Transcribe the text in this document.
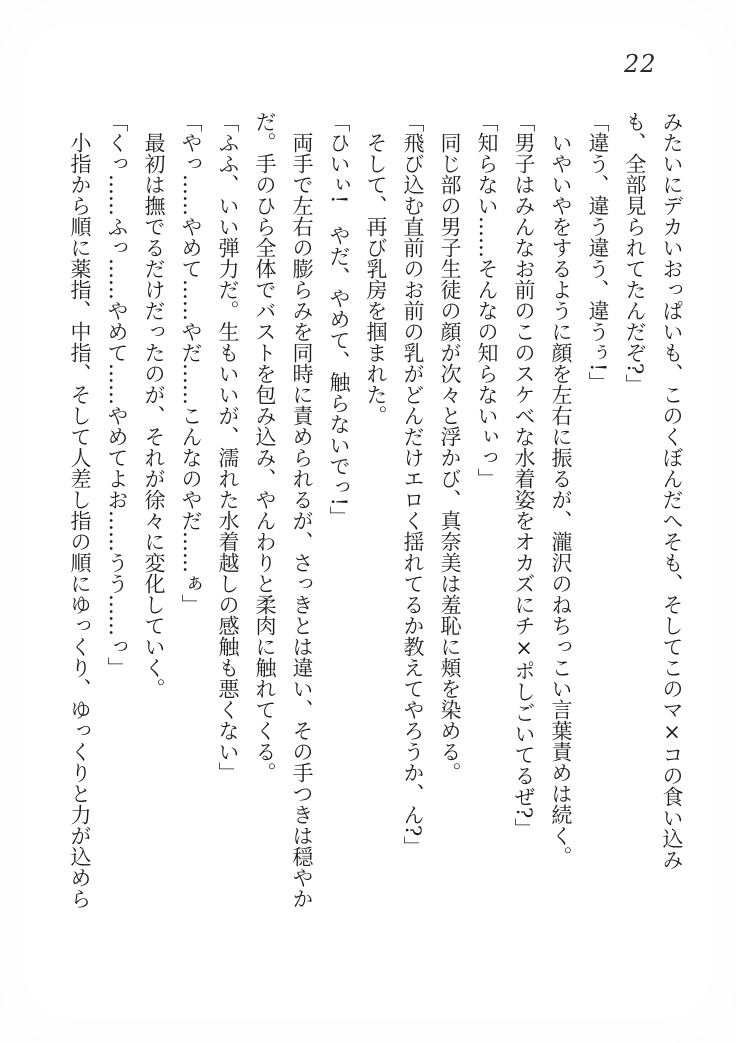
22

みたいにデカいおっぱいも、このくぼんだへそも、そしてこのマ×コの食い込みも、全部見られてたんだぞ?」

「違う、違う違う、違うぅ!」

いやいやをするように顔を左右に振るが、瀧沢のねちっこい言葉責めは続く。

「男子はみんなお前のこのスケベな水着姿をオカズにチ×ポしごいてるぜ?」

「知らない……そんなの知らないぃっ」

同じ部の男子生徒の顔が次々と浮かび、真奈美は羞恥に頬を染める。

「飛び込む直前のお前の乳がどんだけエロく揺れてるか教えてやろうか、ん?」

そして、再び乳房を掴まれた。

「ひいぃ!　やだ、やめて、触らないでっ!」

両手で左右の膨らみを同時に責められるが、さっきとは違い、その手つきは穏やかだ。手のひら全体でバストを包み込み、やんわりと柔肉に触れてくる。

「ふふ、いい弾力だ。生もいいが、濡れた水着越しの感触も悪くない」

「やっ……やめて……やだ……こんなのやだ……ぁ」

最初は撫でるだけだったのが、それが徐々に変化していく。

「くっ……ふっ……やめて……やめてよお……うう……っ」

小指から順に薬指、中指、そして人差し指の順にゆっくり、ゆっくりと力が込めら
